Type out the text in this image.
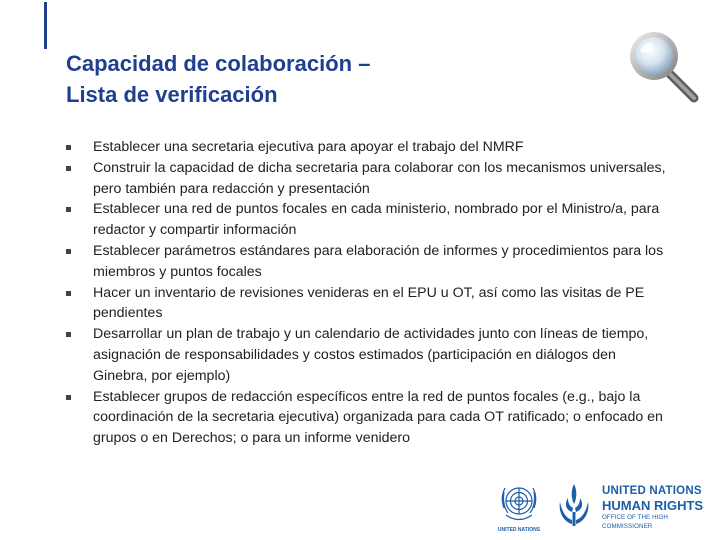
Capacidad de colaboración –
Lista de verificación
Establecer una secretaria ejecutiva para apoyar el trabajo del NMRF
Construir la capacidad de dicha secretaria para colaborar con los mecanismos universales, pero también para redacción y presentación
Establecer una red de puntos focales en cada ministerio, nombrado por el Ministro/a, para redactor y compartir información
Establecer parámetros estándares para elaboración de informes y procedimientos para los miembros y puntos focales
Hacer un inventario de revisiones venideras en el EPU u OT, así como las visitas de PE pendientes
Desarrollar un plan de trabajo y un calendario de actividades junto con líneas de tiempo, asignación de responsabilidades y costos estimados (participación en diálogos den Ginebra, por ejemplo)
Establecer grupos de redacción específicos entre la red de puntos focales (e.g., bajo la coordinación de la secretaria ejecutiva) organizada para cada OT ratificado; o enfocado en grupos o en Derechos; o para un informe venidero
UNITED NATIONS
UNITED NATIONS
HUMAN RIGHTS
OFFICE OF THE HIGH COMMISSIONER
